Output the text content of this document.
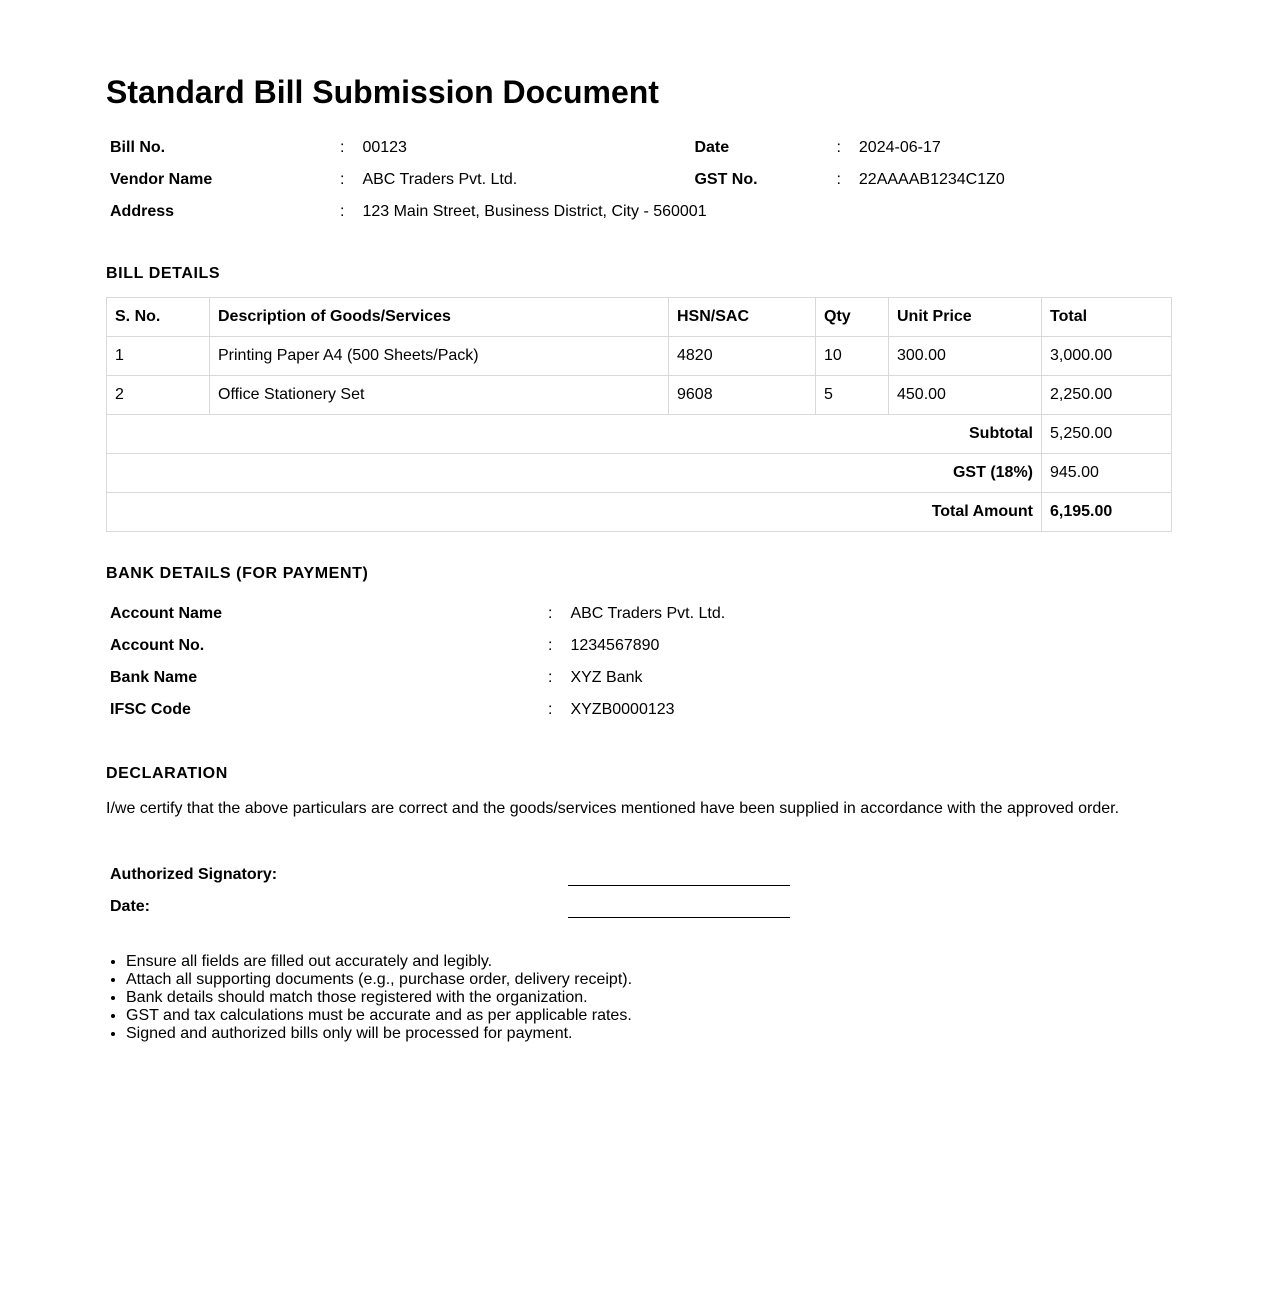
Standard Bill Submission Document
Bill No.	:	00123	Date	:	2024-06-17
Vendor Name	:	ABC Traders Pvt. Ltd.	GST No.	:	22AAAAB1234C1Z0
Address	:	123 Main Street, Business District, City - 560001			
BILL DETAILS
S. No.	Description of Goods/Services	HSN/SAC	Qty	Unit Price	Total
1	Printing Paper A4 (500 Sheets/Pack)	4820	10	300.00	3,000.00
2	Office Stationery Set	9608	5	450.00	2,250.00
Subtotal					5,250.00
GST (18%)					945.00
Total Amount					6,195.00
BANK DETAILS (FOR PAYMENT)
Account Name	:	ABC Traders Pvt. Ltd.
Account No.	:	1234567890
Bank Name	:	XYZ Bank
IFSC Code	:	XYZB0000123
DECLARATION
I/we certify that the above particulars are correct and the goods/services mentioned have been supplied in accordance with the approved order.
Authorized Signatory:	
Date:	
• Ensure all fields are filled out accurately and legibly.
• Attach all supporting documents (e.g., purchase order, delivery receipt).
• Bank details should match those registered with the organization.
• GST and tax calculations must be accurate and as per applicable rates.
• Signed and authorized bills only will be processed for payment.
